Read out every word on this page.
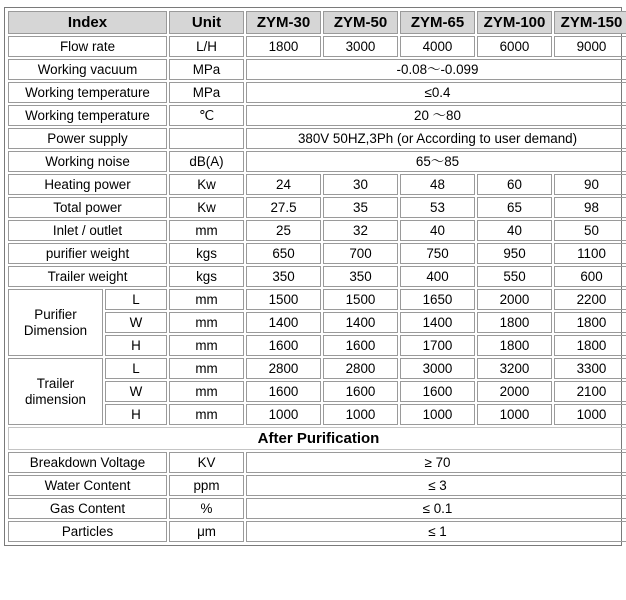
Index		Unit	ZYM-30	ZYM-50	ZYM-65	ZYM-100	ZYM-150
Flow rate		L/H	1800	3000	4000	6000	9000
Working vacuum		MPa	-0.08～-0.099				
Working temperature		MPa	≤0.4				
Working temperature		℃	20 ～80				
Power supply			380V 50HZ,3Ph (or According to user demand)				
Working noise		dB(A)	65～85				
Heating power		Kw	24	30	48	60	90
Total power		Kw	27.5	35	53	65	98
Inlet / outlet		mm	25	32	40	40	50
purifier weight		kgs	650	700	750	950	1100
Trailer weight		kgs	350	350	400	550	600
Purifier
Dimension	L	mm	1500	1500	1650	2000	2200
	W	mm	1400	1400	1400	1800	1800
	H	mm	1600	1600	1700	1800	1800
Trailer
dimension	L	mm	2800	2800	3000	3200	3300
	W	mm	1600	1600	1600	2000	2100
	H	mm	1000	1000	1000	1000	1000
After Purification							
Breakdown Voltage		KV	≥ 70				
Water Content		ppm	≤ 3				
Gas Content		%	≤ 0.1				
Particles		μm	≤ 1				
